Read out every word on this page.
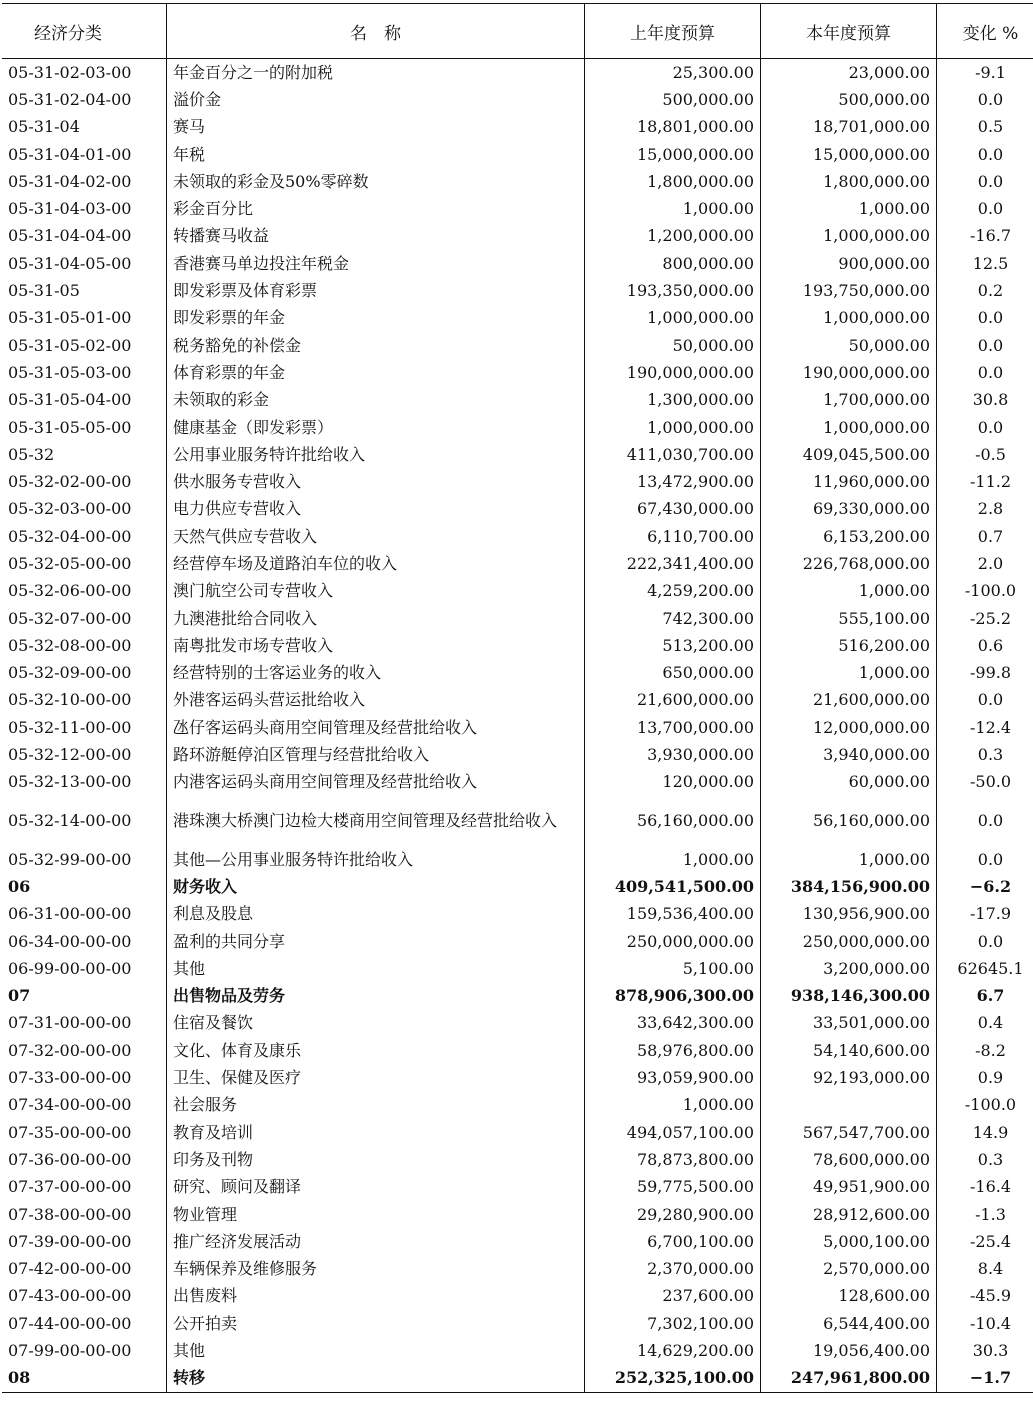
经济分类	名　称	上年度预算	本年度预算	变化 %
05-31-02-03-00	年金百分之一的附加税	25,300.00	23,000.00	-9.1
05-31-02-04-00	溢价金	500,000.00	500,000.00	0.0
05-31-04	赛马	18,801,000.00	18,701,000.00	0.5
05-31-04-01-00	年税	15,000,000.00	15,000,000.00	0.0
05-31-04-02-00	未领取的彩金及50%零碎数	1,800,000.00	1,800,000.00	0.0
05-31-04-03-00	彩金百分比	1,000.00	1,000.00	0.0
05-31-04-04-00	转播赛马收益	1,200,000.00	1,000,000.00	-16.7
05-31-04-05-00	香港赛马单边投注年税金	800,000.00	900,000.00	12.5
05-31-05	即发彩票及体育彩票	193,350,000.00	193,750,000.00	0.2
05-31-05-01-00	即发彩票的年金	1,000,000.00	1,000,000.00	0.0
05-31-05-02-00	税务豁免的补偿金	50,000.00	50,000.00	0.0
05-31-05-03-00	体育彩票的年金	190,000,000.00	190,000,000.00	0.0
05-31-05-04-00	未领取的彩金	1,300,000.00	1,700,000.00	30.8
05-31-05-05-00	健康基金（即发彩票）	1,000,000.00	1,000,000.00	0.0
05-32	公用事业服务特许批给收入	411,030,700.00	409,045,500.00	-0.5
05-32-02-00-00	供水服务专营收入	13,472,900.00	11,960,000.00	-11.2
05-32-03-00-00	电力供应专营收入	67,430,000.00	69,330,000.00	2.8
05-32-04-00-00	天然气供应专营收入	6,110,700.00	6,153,200.00	0.7
05-32-05-00-00	经营停车场及道路泊车位的收入	222,341,400.00	226,768,000.00	2.0
05-32-06-00-00	澳门航空公司专营收入	4,259,200.00	1,000.00	-100.0
05-32-07-00-00	九澳港批给合同收入	742,300.00	555,100.00	-25.2
05-32-08-00-00	南粤批发市场专营收入	513,200.00	516,200.00	0.6
05-32-09-00-00	经营特别的士客运业务的收入	650,000.00	1,000.00	-99.8
05-32-10-00-00	外港客运码头营运批给收入	21,600,000.00	21,600,000.00	0.0
05-32-11-00-00	氹仔客运码头商用空间管理及经营批给收入	13,700,000.00	12,000,000.00	-12.4
05-32-12-00-00	路环游艇停泊区管理与经营批给收入	3,930,000.00	3,940,000.00	0.3
05-32-13-00-00	内港客运码头商用空间管理及经营批给收入	120,000.00	60,000.00	-50.0
05-32-14-00-00	港珠澳大桥澳门边检大楼商用空间管理及经营批给收入	56,160,000.00	56,160,000.00	0.0
05-32-99-00-00	其他—公用事业服务特许批给收入	1,000.00	1,000.00	0.0
06	财务收入	409,541,500.00	384,156,900.00	−6.2
06-31-00-00-00	利息及股息	159,536,400.00	130,956,900.00	-17.9
06-34-00-00-00	盈利的共同分享	250,000,000.00	250,000,000.00	0.0
06-99-00-00-00	其他	5,100.00	3,200,000.00	62645.1
07	出售物品及劳务	878,906,300.00	938,146,300.00	6.7
07-31-00-00-00	住宿及餐饮	33,642,300.00	33,501,000.00	0.4
07-32-00-00-00	文化、体育及康乐	58,976,800.00	54,140,600.00	-8.2
07-33-00-00-00	卫生、保健及医疗	93,059,900.00	92,193,000.00	0.9
07-34-00-00-00	社会服务	1,000.00		-100.0
07-35-00-00-00	教育及培训	494,057,100.00	567,547,700.00	14.9
07-36-00-00-00	印务及刊物	78,873,800.00	78,600,000.00	0.3
07-37-00-00-00	研究、顾问及翻译	59,775,500.00	49,951,900.00	-16.4
07-38-00-00-00	物业管理	29,280,900.00	28,912,600.00	-1.3
07-39-00-00-00	推广经济发展活动	6,700,100.00	5,000,100.00	-25.4
07-42-00-00-00	车辆保养及维修服务	2,370,000.00	2,570,000.00	8.4
07-43-00-00-00	出售废料	237,600.00	128,600.00	-45.9
07-44-00-00-00	公开拍卖	7,302,100.00	6,544,400.00	-10.4
07-99-00-00-00	其他	14,629,200.00	19,056,400.00	30.3
08	转移	252,325,100.00	247,961,800.00	−1.7
